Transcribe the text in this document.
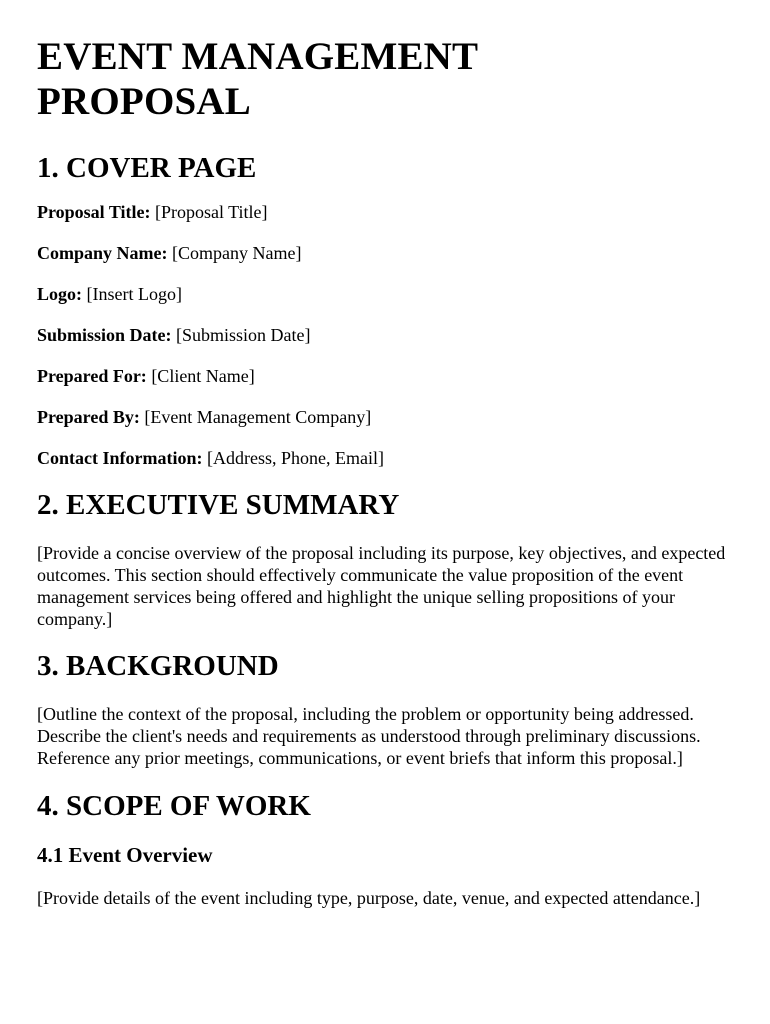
EVENT MANAGEMENT
PROPOSAL
1. COVER PAGE

Proposal Title: [Proposal Title]

Company Name: [Company Name]

Logo: [Insert Logo]

Submission Date: [Submission Date]

Prepared For: [Client Name]

Prepared By: [Event Management Company]

Contact Information: [Address, Phone, Email]

2. EXECUTIVE SUMMARY

[Provide a concise overview of the proposal including its purpose, key objectives, and expected outcomes. This section should effectively communicate the value proposition of the event management services being offered and highlight the unique selling propositions of your company.]

3. BACKGROUND

[Outline the context of the proposal, including the problem or opportunity being addressed. Describe the client's needs and requirements as understood through preliminary discussions. Reference any prior meetings, communications, or event briefs that inform this proposal.]

4. SCOPE OF WORK
4.1 Event Overview

[Provide details of the event including type, purpose, date, venue, and expected attendance.]
